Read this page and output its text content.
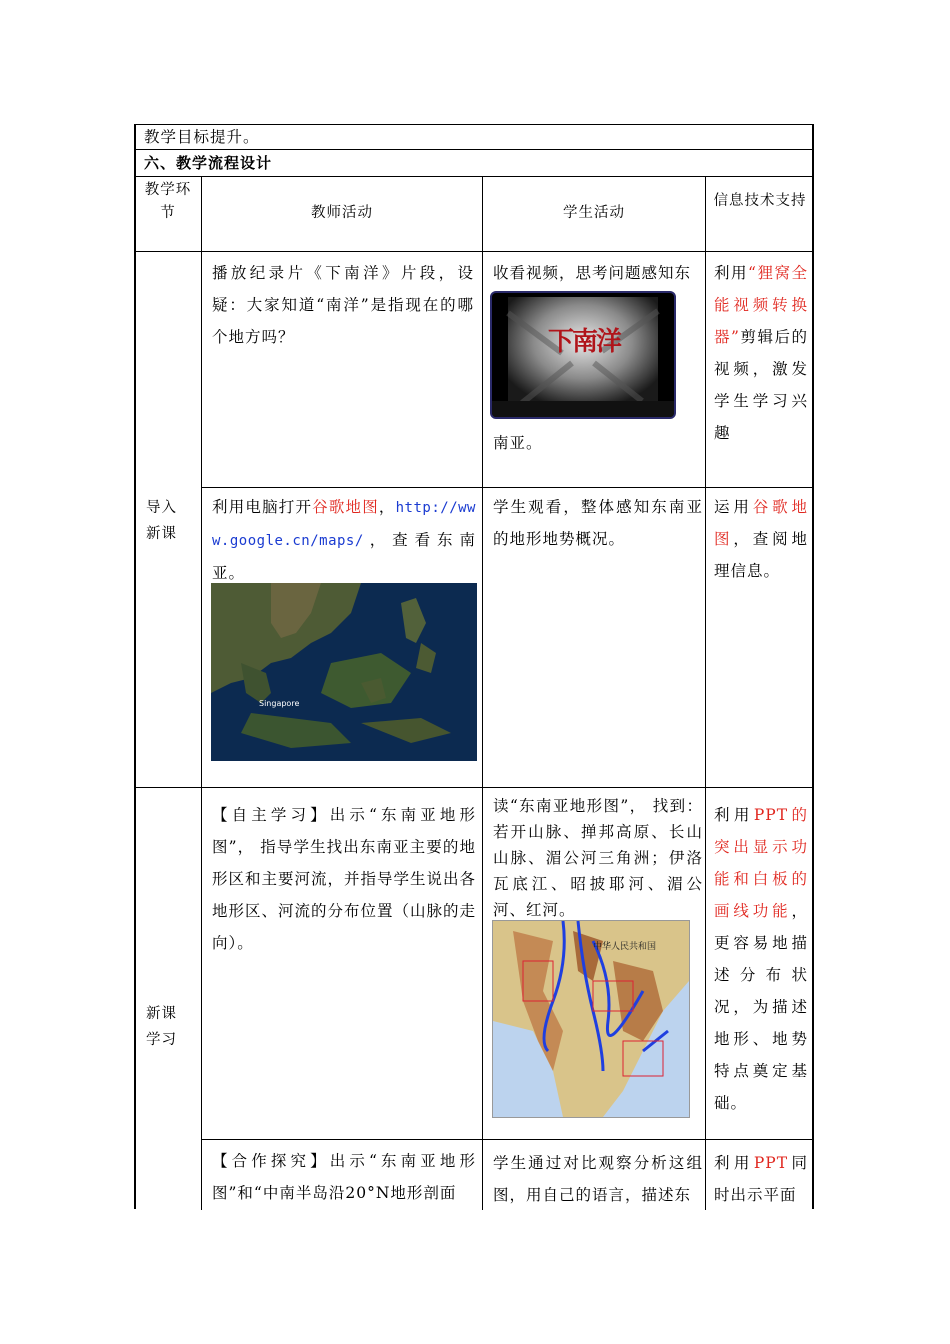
教学目标提升。
六、教学流程设计
教学环节	教师活动	学生活动
信息技术支持
导入新课
新课学习
播放纪录片《下南洋》片段，设疑：大家知道“南洋”是指现在的哪个地方吗？
收看视频，思考问题感知东
下南洋
南亚。
利用“狸窝全能视频转换器”剪辑后的视频，激发学生学习兴趣
利用电脑打开谷歌地图，http://www.google.cn/maps/，查看东南亚。
Singapore
学生观看，整体感知东南亚的地形地势概况。
运用谷歌地图，查阅地理信息。
【自主学习】出示“东南亚地形图”， 指导学生找出东南亚主要的地形区和主要河流，并指导学生说出各地形区、河流的分布位置（山脉的走向）。
读“东南亚地形图”， 找到：若开山脉、掸邦高原、长山山脉、湄公河三角洲；伊洛瓦底江、昭披耶河、湄公河、红河。
中华人民共和国
利用PPT的突出显示功能和白板的画线功能，更容易地描述分布状况，为描述地形、地势特点奠定基础。
【合作探究】出示“东南亚地形图”和“中南半岛沿20°N地形剖面
学生通过对比观察分析这组图，用自己的语言，描述东
利用PPT同时出示平面
